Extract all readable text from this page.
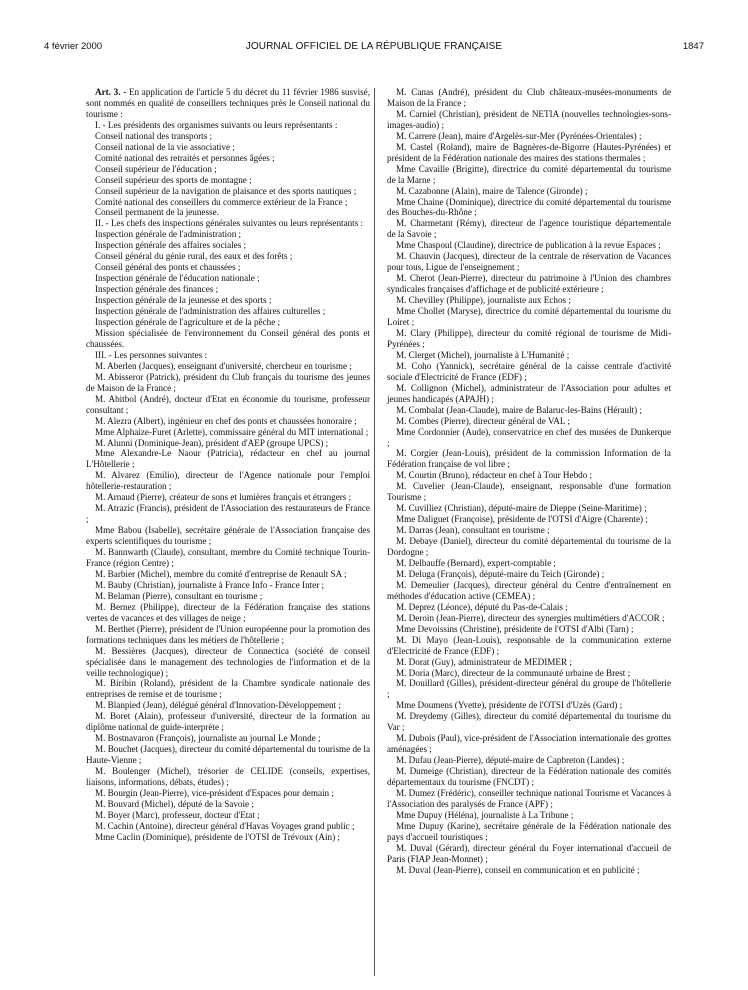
4 février 2000	JOURNAL OFFICIEL DE LA RÉPUBLIQUE FRANÇAISE	1847

Art. 3. - En application de l'article 5 du décret du 11 février 1986 susvisé, sont nommés en qualité de conseillers techniques près le Conseil national du tourisme :

I. - Les présidents des organismes suivants ou leurs représentants :

Conseil national des transports ;

Conseil national de la vie associative ;

Comité national des retraités et personnes âgées ;

Conseil supérieur de l'éducation ;

Conseil supérieur des sports de montagne ;

Conseil supérieur de la navigation de plaisance et des sports nautiques ;

Comité national des conseillers du commerce extérieur de la France ;

Conseil permanent de la jeunesse.

II. - Les chefs des inspections générales suivantes ou leurs représentants :

Inspection générale de l'administration ;

Inspection générale des affaires sociales ;

Conseil général du génie rural, des eaux et des forêts ;

Conseil général des ponts et chaussées ;

Inspection générale de l'éducation nationale ;

Inspection générale des finances ;

Inspection générale de la jeunesse et des sports ;

Inspection générale de l'administration des affaires culturelles ;

Inspection générale de l'agriculture et de la pêche ;

Mission spécialisée de l'environnement du Conseil général des ponts et chaussées.

III. - Les personnes suivantes :

M. Aberlen (Jacques), enseignant d'université, chercheur en tourisme ;

M. Abisseror (Patrick), président du Club français du tourisme des jeunes de Maison de la France ;

M. Abitbol (André), docteur d'Etat en économie du tourisme, professeur consultant ;

M. Alezra (Albert), ingénieur en chef des ponts et chaussées honoraire ;

Mme Alphaize-Furet (Arlette), commissaire général du MIT international ;

M. Alunni (Dominique-Jean), président d'AEP (groupe UPCS) ;

Mme Alexandre-Le Naour (Patricia), rédacteur en chef au journal L'Hôtellerie ;

M. Alvarez (Emilio), directeur de l'Agence nationale pour l'emploi hôtellerie-restauration ;

M. Arnaud (Pierre), créateur de sons et lumières français et étrangers ;

M. Atrazic (Francis), président de l'Association des restaurateurs de France ;

Mme Babou (Isabelle), secrétaire générale de l'Association française des experts scientifiques du tourisme ;

M. Bannwarth (Claude), consultant, membre du Comité technique Tourin-France (région Centre) ;

M. Barbier (Michel), membre du comité d'entreprise de Renault SA ;

M. Bauby (Christian), journaliste à France Info - France Inter ;

M. Belaman (Pierre), consultant en tourisme ;

M. Bernez (Philippe), directeur de la Fédération française des stations vertes de vacances et des villages de neige ;

M. Berthet (Pierre), président de l'Union européenne pour la promotion des formations techniques dans les métiers de l'hôtellerie ;

M. Bessières (Jacques), directeur de Connectica (société de conseil spécialisée dans le management des technologies de l'information et de la veille technologique) ;

M. Biribin (Roland), président de la Chambre syndicale nationale des entreprises de remise et de tourisme ;

M. Blanpied (Jean), délégué général d'Innovation-Développement ;

M. Boret (Alain), professeur d'université, directeur de la formation au diplôme national de guide-interprète ;

M. Bostnavaron (François), journaliste au journal Le Monde ;

M. Bouchet (Jacques), directeur du comité départemental du tourisme de la Haute-Vienne ;

M. Boulenger (Michel), trésorier de CELIDE (conseils, expertises, liaisons, informations, débats, études) ;

M. Bourgin (Jean-Pierre), vice-président d'Espaces pour demain ;

M. Bouvard (Michel), député de la Savoie ;

M. Boyer (Marc), professeur, docteur d'Etat ;

M. Cachin (Antoine), directeur général d'Havas Voyages grand public ;

Mme Caclin (Dominique), présidente de l'OTSI de Trévoux (Ain) ;

M. Canas (André), président du Club châteaux-musées-monuments de Maison de la France ;

M. Carniel (Christian), président de NETIA (nouvelles technologies-sons-images-audio) ;

M. Carrere (Jean), maire d'Argelès-sur-Mer (Pyrénées-Orientales) ;

M. Castel (Roland), maire de Bagnères-de-Bigorre (Hautes-Pyrénées) et président de la Fédération nationale des maires des stations thermales ;

Mme Cavaille (Brigitte), directrice du comité départemental du tourisme de la Marne ;

M. Cazabonne (Alain), maire de Talence (Gironde) ;

Mme Chaine (Dominique), directrice du comité départemental du tourisme des Bouches-du-Rhône ;

M. Charmetant (Rémy), directeur de l'agence touristique départementale de la Savoie ;

Mme Chaspoul (Claudine), directrice de publication à la revue Espaces ;

M. Chauvin (Jacques), directeur de la centrale de réservation de Vacances pour tous, Ligue de l'enseignement ;

M. Cherot (Jean-Pierre), directeur du patrimoine à l'Union des chambres syndicales françaises d'affichage et de publicité extérieure ;

M. Chevilley (Philippe), journaliste aux Echos ;

Mme Chollet (Maryse), directrice du comité départemental du tourisme du Loiret ;

M. Clary (Philippe), directeur du comité régional de tourisme de Midi-Pyrénées ;

M. Clerget (Michel), journaliste à L'Humanité ;

M. Coho (Yannick), secrétaire général de la caisse centrale d'activité sociale d'Electricité de France (EDF) ;

M. Collignon (Michel), administrateur de l'Association pour adultes et jeunes handicapés (APAJH) ;

M. Combalat (Jean-Claude), maire de Balaruc-les-Bains (Hérault) ;

M. Combes (Pierre), directeur général de VAL ;

Mme Cordonnier (Aude), conservatrice en chef des musées de Dunkerque ;

M. Corgier (Jean-Louis), président de la commission Information de la Fédération française de vol libre ;

M. Courtin (Bruno), rédacteur en chef à Tour Hebdo ;

M. Cuvelier (Jean-Claude), enseignant, responsable d'une formation Tourisme ;

M. Cuvilliez (Christian), député-maire de Dieppe (Seine-Maritime) ;

Mme Daliguet (Françoise), présidente de l'OTSI d'Aigre (Charente) ;

M. Darras (Jean), consultant en tourisme ;

M. Debaye (Daniel), directeur du comité départemental du tourisme de la Dordogne ;

M. Delbauffe (Bernard), expert-comptable ;

M. Deluga (François), député-maire du Teich (Gironde) ;

M. Demeulier (Jacques), directeur général du Centre d'entraînement en méthodes d'éducation active (CEMEA) ;

M. Deprez (Léonce), député du Pas-de-Calais ;

M. Deroin (Jean-Pierre), directeur des synergies multimétiers d'ACCOR ;

Mme Devoissins (Christine), présidente de l'OTSI d'Albi (Tarn) ;

M. Di Mayo (Jean-Louis), responsable de la communication externe d'Electricité de France (EDF) ;

M. Dorat (Guy), administrateur de MEDIMER ;

M. Doria (Marc), directeur de la communauté urbaine de Brest ;

M. Douillard (Gilles), président-directeur général du groupe de l'hôtellerie ;

Mme Doumens (Yvette), présidente de l'OTSI d'Uzès (Gard) ;

M. Dreydemy (Gilles), directeur du comité départemental du tourisme du Var ;

M. Dubois (Paul), vice-président de l'Association internationale des grottes aménagées ;

M. Dufau (Jean-Pierre), député-maire de Capbreton (Landes) ;

M. Dumeige (Christian), directeur de la Fédération nationale des comités départementaux du tourisme (FNCDT) ;

M. Dumez (Frédéric), conseiller technique national Tourisme et Vacances à l'Association des paralysés de France (APF) ;

Mme Dupuy (Héléna), journaliste à La Tribune ;

Mme Dupuy (Karine), secrétaire générale de la Fédération nationale des pays d'accueil touristiques ;

M. Duval (Gérard), directeur général du Foyer international d'accueil de Paris (FIAP Jean-Monnet) ;

M. Duval (Jean-Pierre), conseil en communication et en publicité ;
